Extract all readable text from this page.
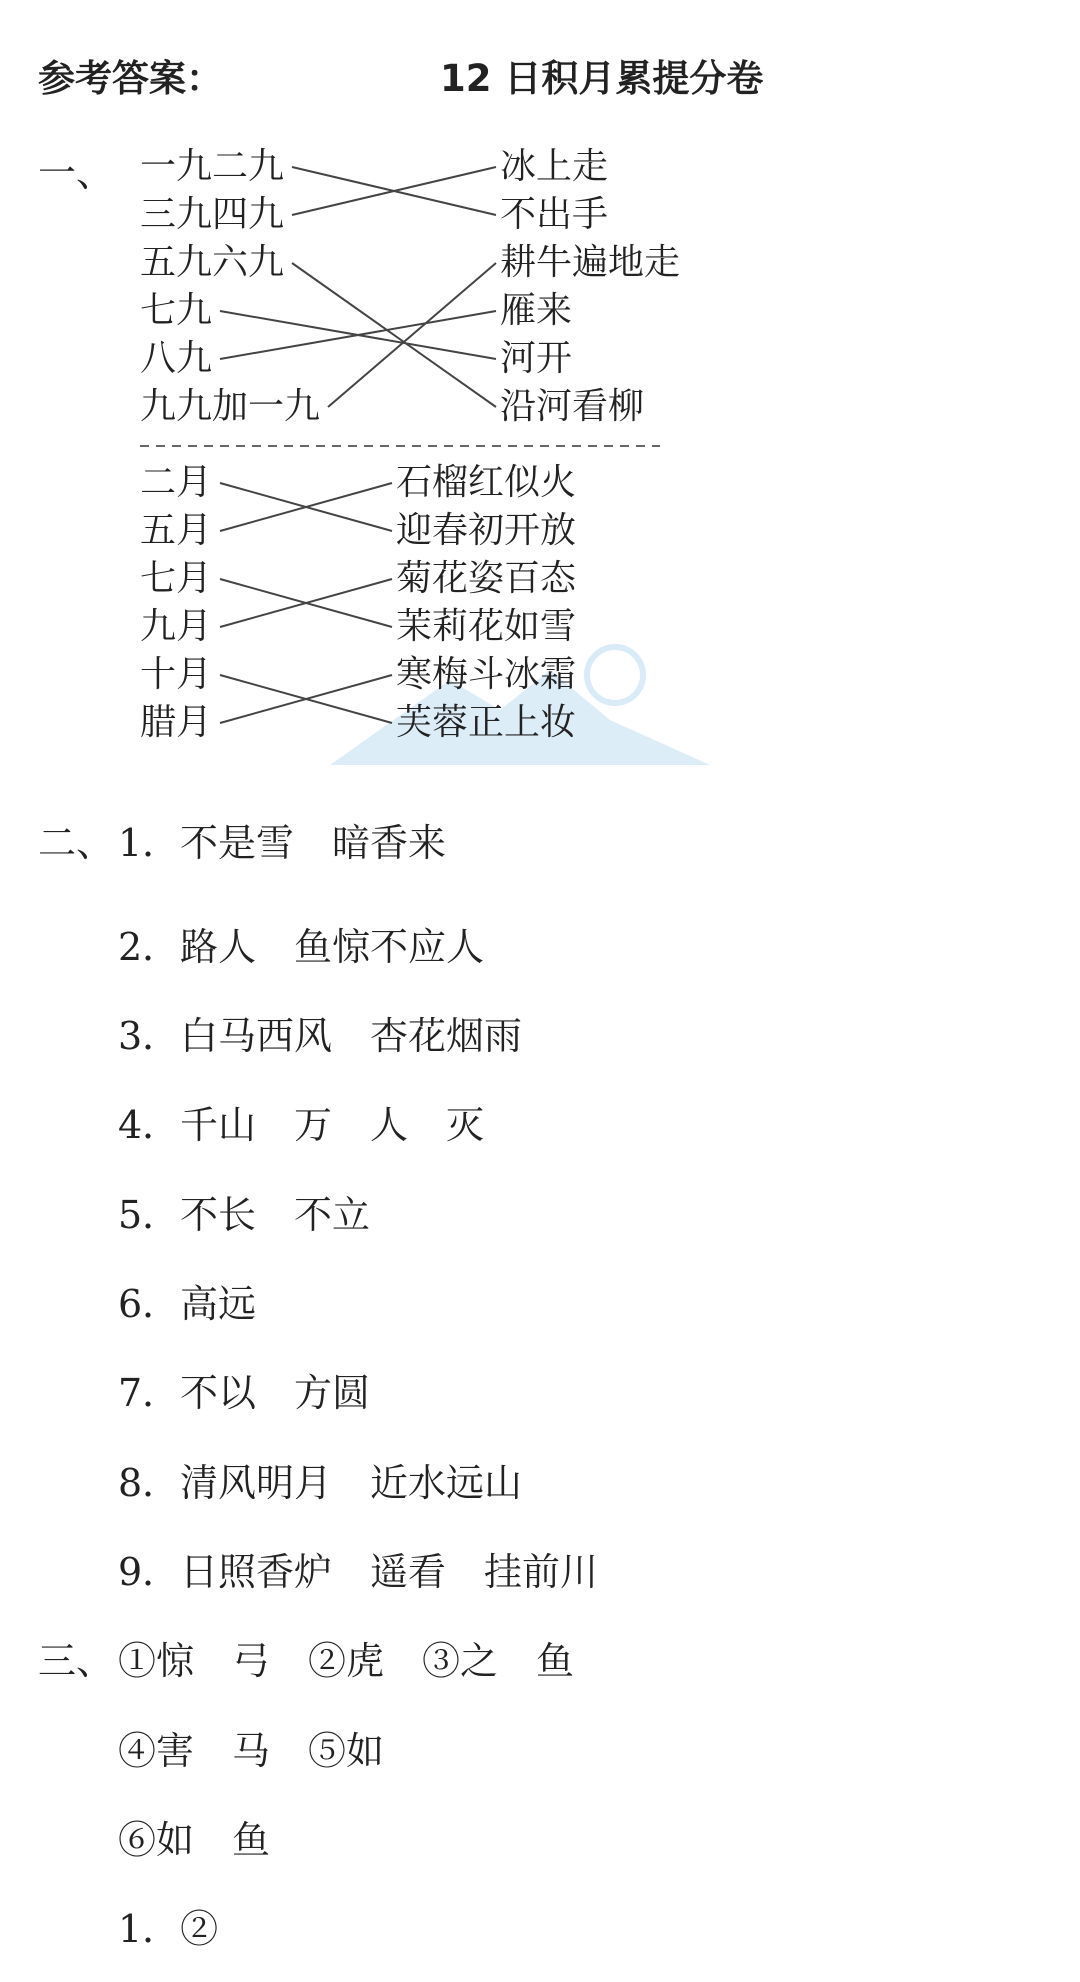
参考答案：	12 日积月累提分卷
一、 一九二九
三九四九
五九六九
七九
八九
九九加一九
冰上走
不出手
耕牛遍地走
雁来
河开
沿河看柳
二月
五月
七月
九月
十月
腊月
石榴红似火
迎春初开放
菊花姿百态
茉莉花如雪
寒梅斗冰霜
芙蓉正上妆
二、 1． 不是雪　暗香来
2． 路人　鱼惊不应人
3． 白马西风　杏花烟雨
4． 千山　万　人　灭
5． 不长　不立
6． 高远
7． 不以　方圆
8． 清风明月　近水远山
9． 日照香炉　遥看　挂前川
三、 ①惊　弓　②虎　③之　鱼
④害　马　⑤如
⑥如　鱼
1．②
